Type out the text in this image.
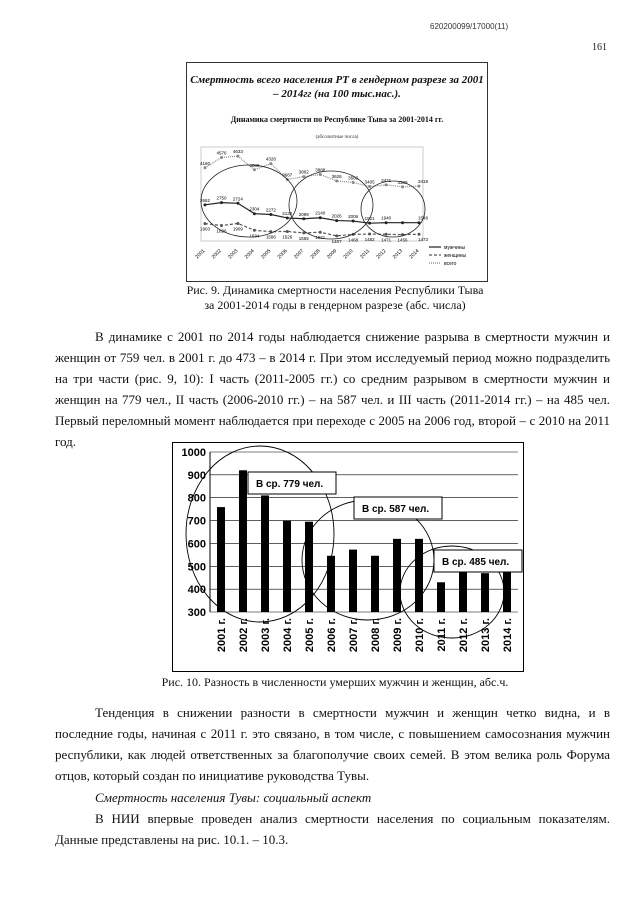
620200099/17000(11)
161
Смертность всего населения РТ в гендерном разрезе за 2001 – 2014гг (на 100 тыс.нас.).
Динамика смертности по Республике Тыва за 2001-2014 гг.
(абсолютные числа)
2001 2002 2003 2004 2005 2006 2007 2008 2009 2010 2011 2012 2013 2014
4160
4576 4633
4080
4328
3687
3802 3888
3626 3566
3405 3471 3389 3419
2662 2750 2724
2304 2272
2132 2099 2140
2026 2006 1921 1940	1548
1903 1826 1909
1634 1586 1526 1555 1521
1407 1468 1482 1471 1456 1473
мужчины
женщины
всего
Рис. 9. Динамика смертности населения Республики Тыва
за 2001-2014 годы в гендерном разрезе (абс. числа)
В динамике с 2001 по 2014 годы наблюдается снижение разрыва в смертности мужчин и женщин от 759 чел. в 2001 г. до 473 – в 2014 г. При этом исследуемый период можно подразделить на три части (рис. 9, 10): I часть (2011-2005 гг.) со средним разрывом в смертности мужчин и женщин на 779 чел., II часть (2006-2010 гг.) – на 587 чел. и III часть (2011-2014 гг.) – на 485 чел. Первый переломный момент наблюдается при переходе с 2005 на 2006 год, второй – с 2010 на 2011 год.
300
400
500
600
700
800
900
1000
2001 г. 2002 г. 2003 г. 2004 г. 2005 г. 2006 г. 2007 г. 2008 г. 2009 г. 2010 г. 2011 г. 2012 г. 2013 г. 2014 г.
В ср. 779 чел.
В ср. 587 чел.
В ср. 485 чел.
Рис. 10. Разность в численности умерших мужчин и женщин, абс.ч.
Тенденция в снижении разности в смертности мужчин и женщин четко видна, и в последние годы, начиная с 2011 г. это связано, в том числе, с повышением самосознания мужчин республики, как людей ответственных за благополучие своих семей. В этом велика роль Форума отцов, который создан по инициативе руководства Тувы.
Смертность населения Тувы: социальный аспект
В НИИ впервые проведен анализ смертности населения по социальным показателям. Данные представлены на рис. 10.1. – 10.3.
